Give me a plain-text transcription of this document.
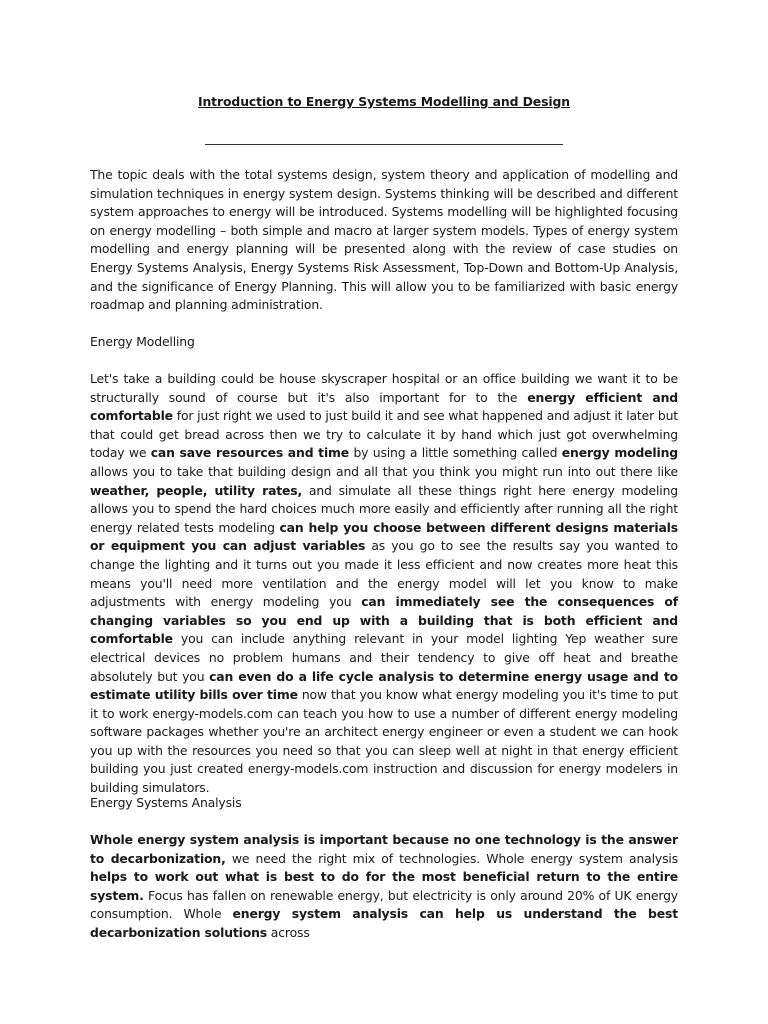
Introduction to Energy Systems Modelling and Design

The topic deals with the total systems design, system theory and application of modelling and simulation techniques in energy system design. Systems thinking will be described and different system approaches to energy will be introduced. Systems modelling will be highlighted focusing on energy modelling – both simple and macro at larger system models. Types of energy system modelling and energy planning will be presented along with the review of case studies on Energy Systems Analysis, Energy Systems Risk Assessment, Top-Down and Bottom-Up Analysis, and the significance of Energy Planning. This will allow you to be familiarized with basic energy roadmap and planning administration.

Energy Modelling

Let's take a building could be house skyscraper hospital or an office building we want it to be structurally sound of course but it's also important for to the energy efficient and comfortable for just right we used to just build it and see what happened and adjust it later but that could get bread across then we try to calculate it by hand which just got overwhelming today we can save resources and time by using a little something called energy modeling allows you to take that building design and all that you think you might run into out there like weather, people, utility rates, and simulate all these things right here energy modeling allows you to spend the hard choices much more easily and efficiently after running all the right energy related tests modeling can help you choose between different designs materials or equipment you can adjust variables as you go to see the results say you wanted to change the lighting and it turns out you made it less efficient and now creates more heat this means you'll need more ventilation and the energy model will let you know to make adjustments with energy modeling you can immediately see the consequences of changing variables so you end up with a building that is both efficient and comfortable you can include anything relevant in your model lighting Yep weather sure electrical devices no problem humans and their tendency to give off heat and breathe absolutely but you can even do a life cycle analysis to determine energy usage and to estimate utility bills over time now that you know what energy modeling you it's time to put it to work energy-models.com can teach you how to use a number of different energy modeling software packages whether you're an architect energy engineer or even a student we can hook you up with the resources you need so that you can sleep well at night in that energy efficient building you just created energy-models.com instruction and discussion for energy modelers in building simulators.

Energy Systems Analysis

Whole energy system analysis is important because no one technology is the answer to decarbonization, we need the right mix of technologies. Whole energy system analysis helps to work out what is best to do for the most beneficial return to the entire system. Focus has fallen on renewable energy, but electricity is only around 20% of UK energy consumption. Whole energy system analysis can help us understand the best decarbonization solutions across
